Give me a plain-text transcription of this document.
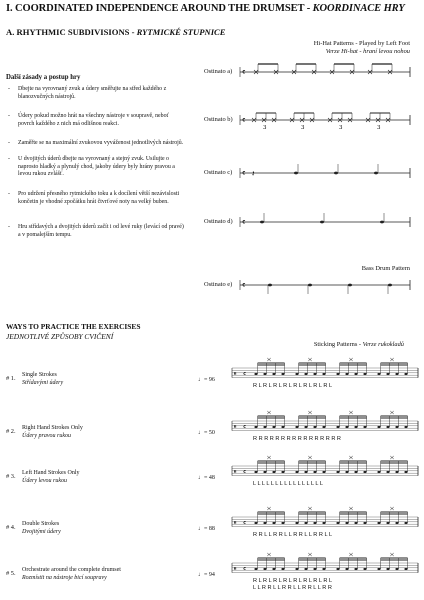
I. COORDINATED INDEPENDENCE AROUND THE DRUMSET - KOORDINACE HRY
A. RHYTHMIC SUBDIVISIONS - RYTMICKÉ STUPNICE
Hi-Hat Patterns - Played by Left Foot
Verze Hi-hat - hraní levou nohou
Další zásady a postup hry
-	Dbejte na vyrovnaný zvuk a údery směřujte na střed každého z blanozvučných nástrojů.
-	Údery pokud možno hrát na všechny nástroje v soupravě, neboť povrch každého z nich má odlišnou reakci.
-	Zaměřte se na maximální zvukovou vyváženost jednotlivých nástrojů.
-	U dvojitých úderů dbejte na vyrovnaný a stejný zvuk. Usilujte o naprosto hladký a plynulý chod, jakoby údery byly hrány pravou a levou rukou zvlášť.
-	Pro udržení přesného rytmického toku a k docílení větší nezávislosti končetin je vhodné zpočátku hrát čtvrťové noty na velký buben.
-	Hru střídavých a dvojitých úderů začít i od levé ruky (levácí od pravé) a v pomalejším tempu.
Ostinato a)
Ostinato b)
Ostinato c)
Ostinato d)
Ostinato e)
Bass Drum Pattern
𝄴
𝄴
𝄴
𝄴
𝄴
3	3	3	3
𝄽
𝄥 𝄴
𝄥 𝄴
𝄥 𝄴
𝄥 𝄴
𝄥 𝄴
WAYS TO PRACTICE THE EXERCISES
JEDNOTLIVÉ ZPŮSOBY CVIČENÍ
Sticking Patterns - Verze rukokladů
# 1. Single Strokes
Střídavými údery	♩= 96
R L R L R L R L R L R L R L R L
# 2. Right Hand Strokes Only
Údery pravou rukou	♩= 50
R R R R R R R R R R R R R R R R
# 3. Left Hand Strokes Only
Údery levou rukou	♩= 48
L L L L L L L L L L L L L L L L
# 4. Double Strokes
Dvojitými údery	♩= 88
R R L L R R L L R R L L R R L L
# 5. Orchestrate around the complete drumset
Rozmístit na nástroje bicí soupravy	♩= 94
R L R L R L R L R L R L R L R L
L L R R L L R R L L R R L L R R
